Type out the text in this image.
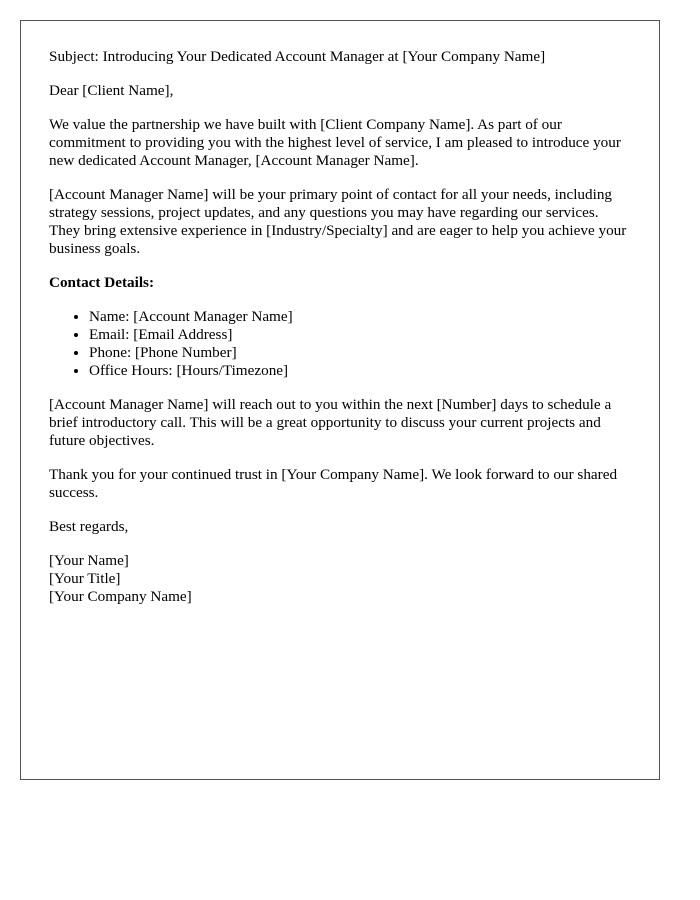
Subject: Introducing Your Dedicated Account Manager at [Your Company Name]

Dear [Client Name],

We value the partnership we have built with [Client Company Name]. As part of our commitment to providing you with the highest level of service, I am pleased to introduce your new dedicated Account Manager, [Account Manager Name].

[Account Manager Name] will be your primary point of contact for all your needs, including strategy sessions, project updates, and any questions you may have regarding our services. They bring extensive experience in [Industry/Specialty] and are eager to help you achieve your business goals.

Contact Details:

• Name: [Account Manager Name]
• Email: [Email Address]
• Phone: [Phone Number]
• Office Hours: [Hours/Timezone]

[Account Manager Name] will reach out to you within the next [Number] days to schedule a brief introductory call. This will be a great opportunity to discuss your current projects and future objectives.

Thank you for your continued trust in [Your Company Name]. We look forward to our shared success.

Best regards,

[Your Name]
[Your Title]
[Your Company Name]
